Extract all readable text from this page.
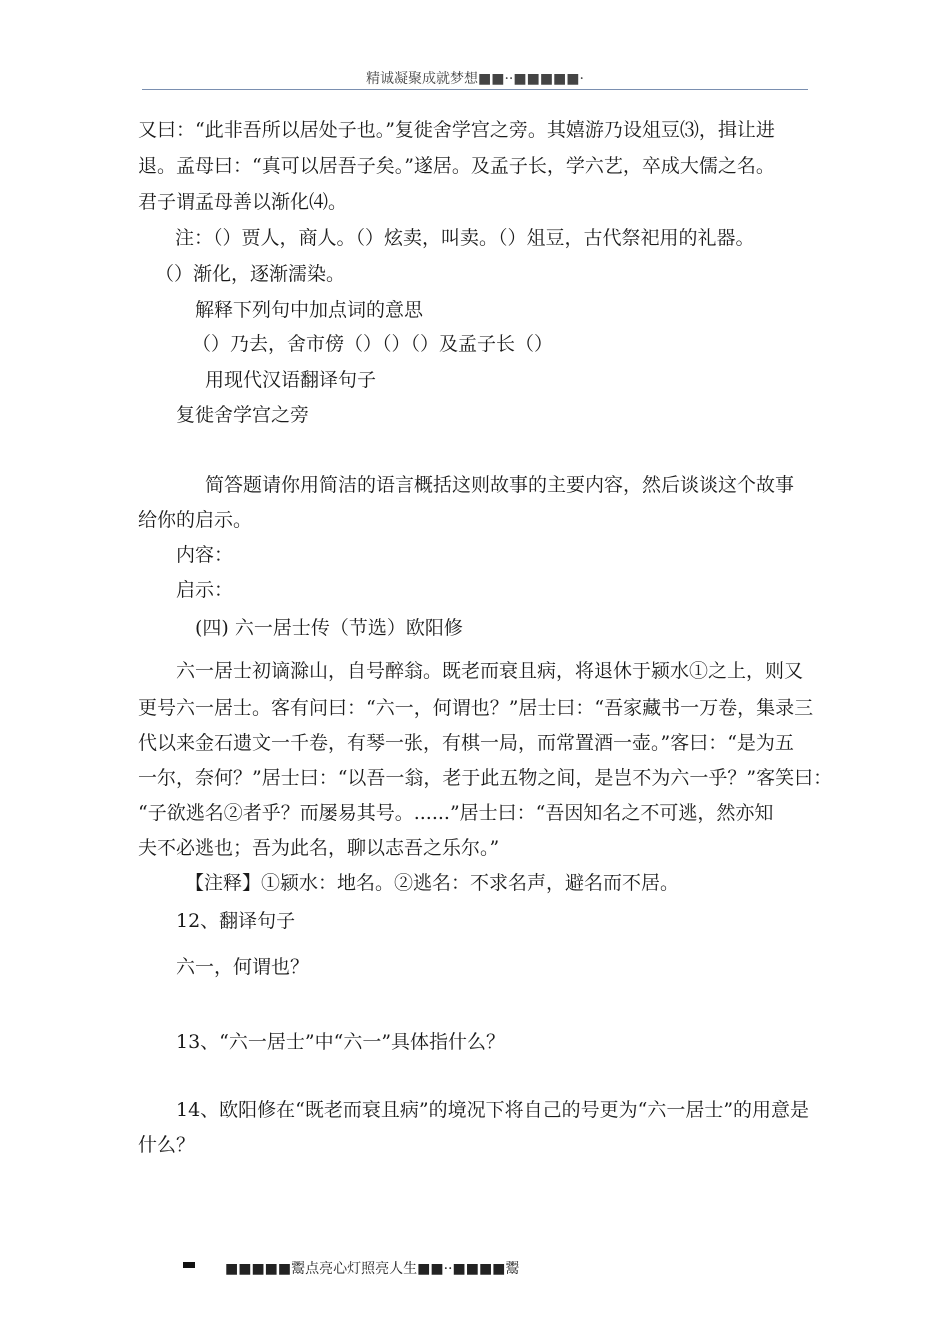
精诚凝聚成就梦想■■··■■■■■·
又曰：“此非吾所以居处子也。”复徙舍学宫之旁。其嬉游乃设俎豆⑶，揖让进
退。孟母曰：“真可以居吾子矣。”遂居。及孟子长，学六艺，卒成大儒之名。
君子谓孟母善以渐化⑷。
注：（）贾人，商人。（）炫卖，叫卖。（）俎豆，古代祭祀用的礼器。
（）渐化，逐渐濡染。
解释下列句中加点词的意思
（）乃去，舍市傍（）（）（）及孟子长（）
用现代汉语翻译句子
复徙舍学宫之旁
简答题请你用简洁的语言概括这则故事的主要内容，然后谈谈这个故事
给你的启示。
内容：
启示：
(四) 六一居士传（节选）欧阳修
六一居士初谪滁山，自号醉翁。既老而衰且病，将退休于颍水①之上，则又
更号六一居士。客有问曰：“六一，何谓也？”居士曰：“吾家藏书一万卷，集录三
代以来金石遗文一千卷，有琴一张，有棋一局，而常置酒一壶。”客曰：“是为五
一尔，奈何？”居士曰：“以吾一翁，老于此五物之间，是岂不为六一乎？”客笑曰：
“子欲逃名②者乎？而屡易其号。......”居士曰：“吾因知名之不可逃，然亦知
夫不必逃也；吾为此名，聊以志吾之乐尔。”
【注释】①颍水：地名。②逃名：不求名声，避名而不居。
12、翻译句子
六一，何谓也？
13、“六一居士”中“六一”具体指什么？
14、欧阳修在“既老而衰且病”的境况下将自己的号更为“六一居士”的用意是
什么？
■■■■■鬻点亮心灯照亮人生■■··■■■■鬻
